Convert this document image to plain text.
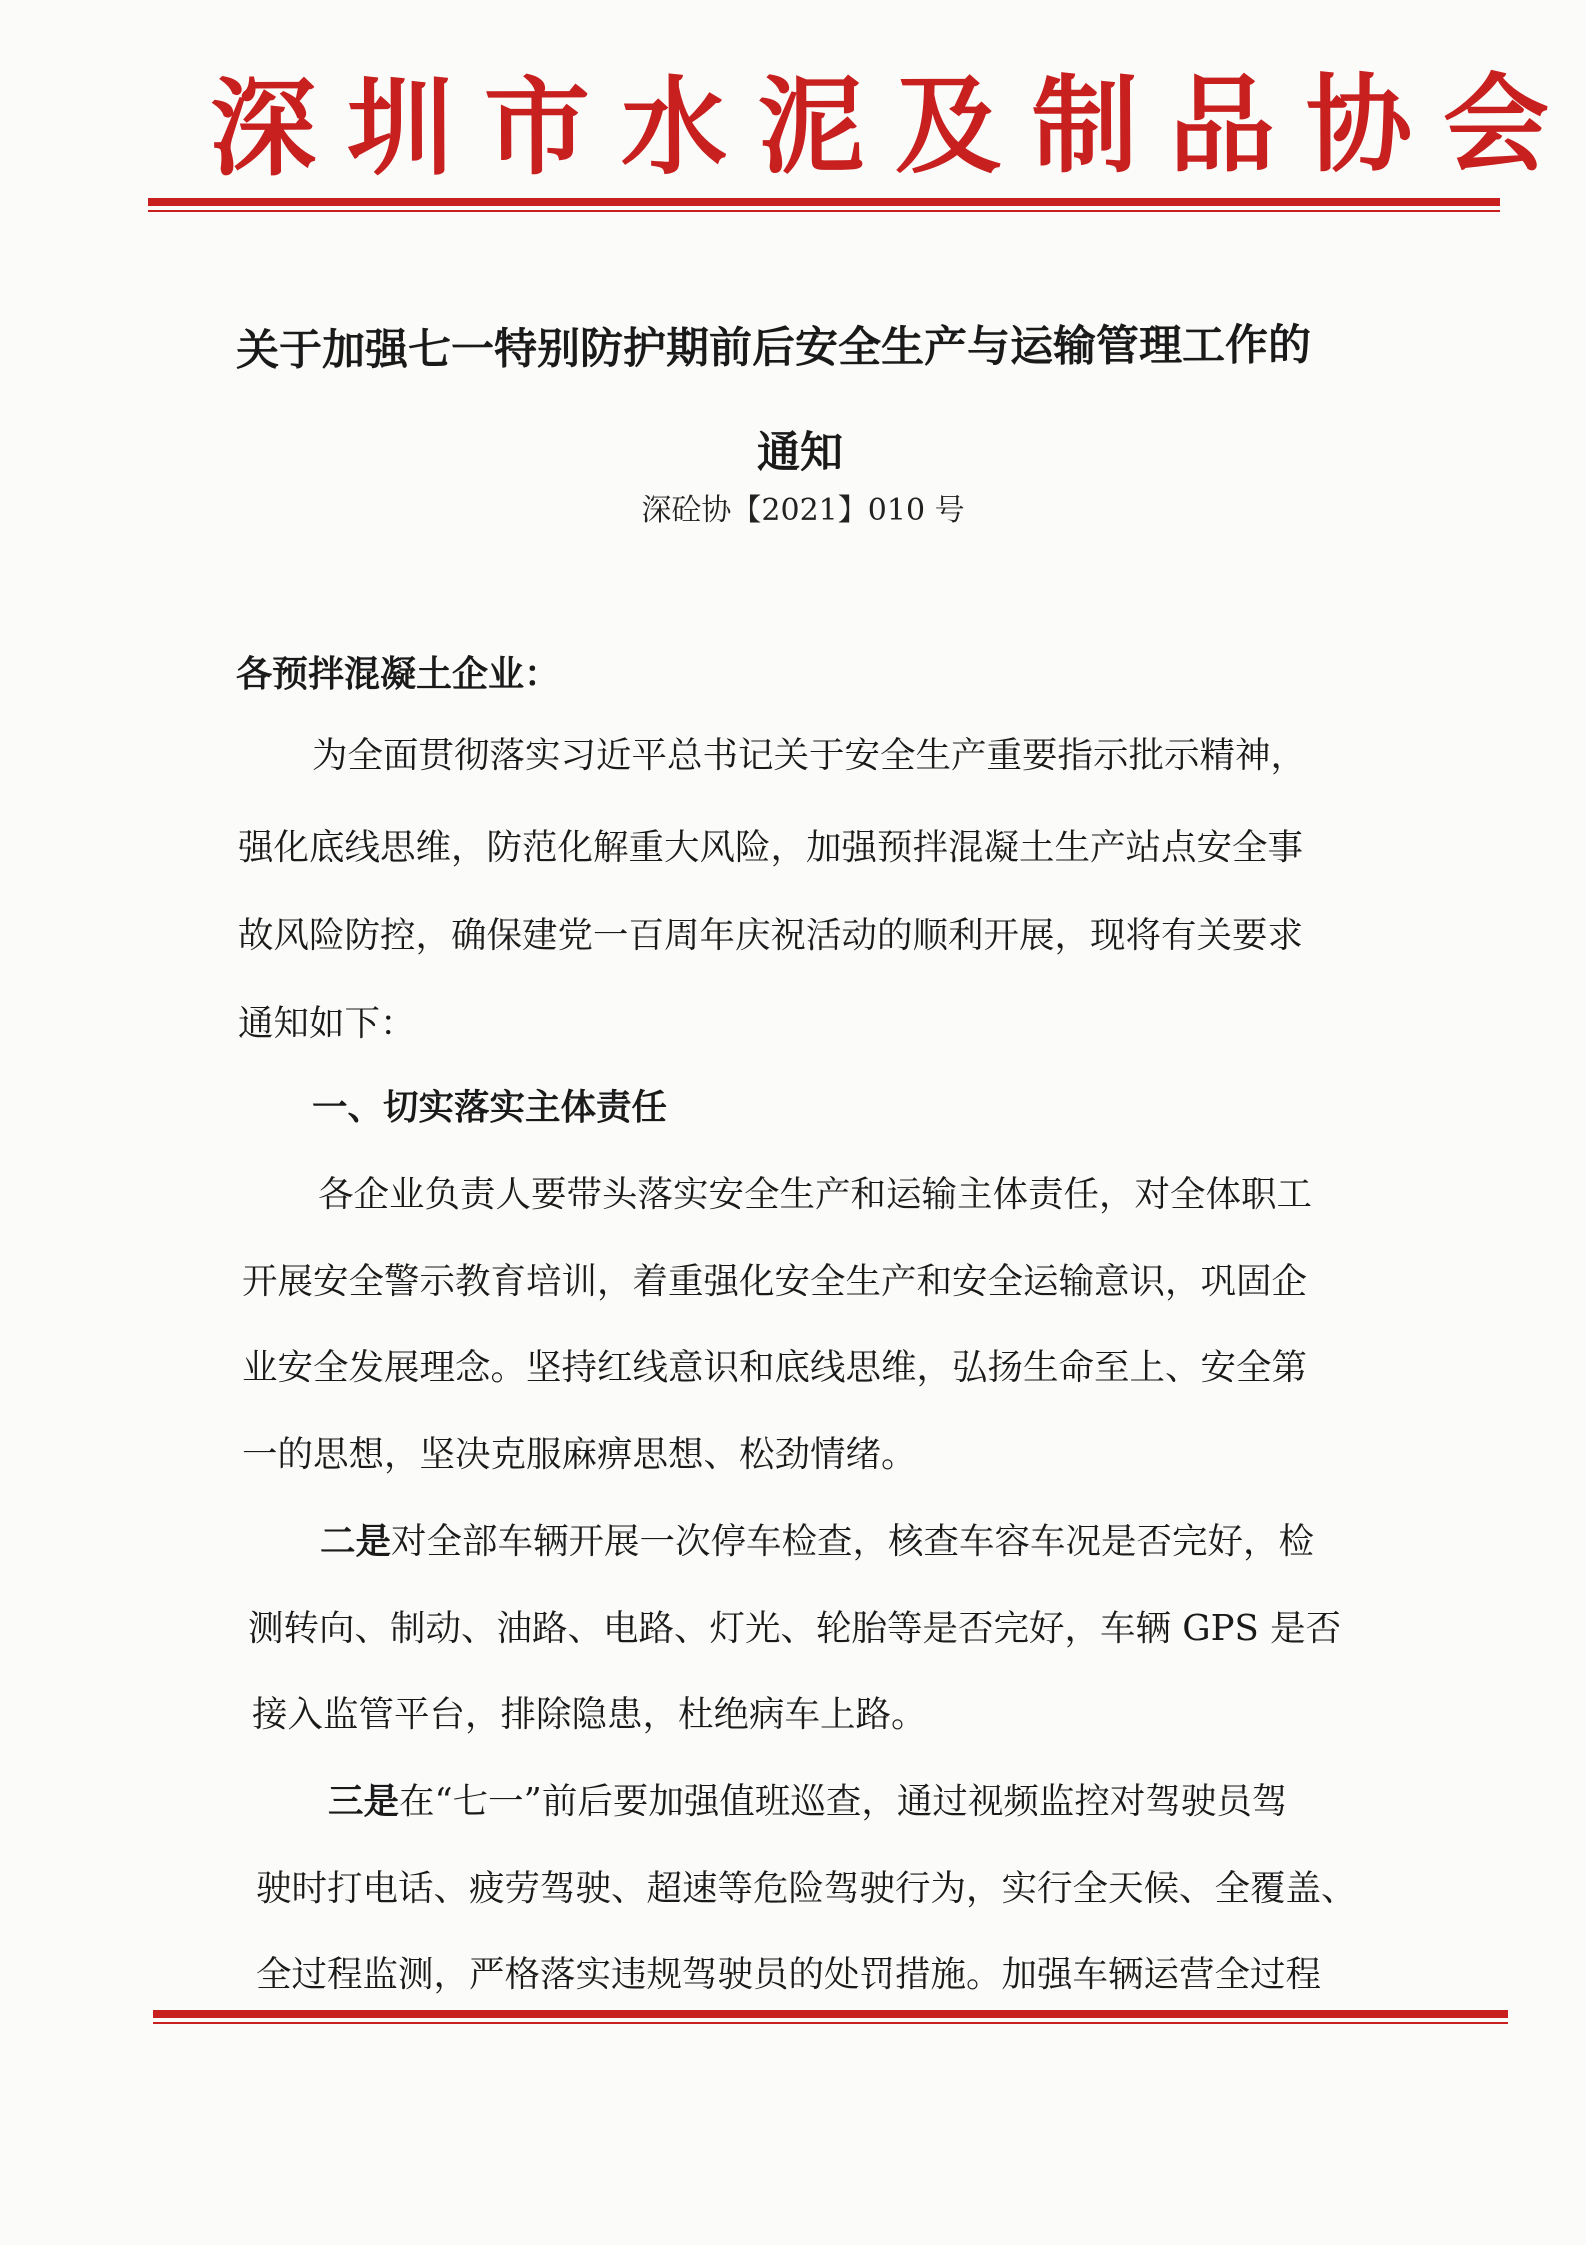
深圳市水泥及制品协会
关于加强七一特别防护期前后安全生产与运输管理工作的
通知
深砼协【2021】010 号
各预拌混凝土企业：
为全面贯彻落实习近平总书记关于安全生产重要指示批示精神，
强化底线思维，防范化解重大风险，加强预拌混凝土生产站点安全事
故风险防控，确保建党一百周年庆祝活动的顺利开展，现将有关要求
通知如下：
一、切实落实主体责任
各企业负责人要带头落实安全生产和运输主体责任，对全体职工
开展安全警示教育培训，着重强化安全生产和安全运输意识，巩固企
业安全发展理念。坚持红线意识和底线思维，弘扬生命至上、安全第
一的思想，坚决克服麻痹思想、松劲情绪。
二是对全部车辆开展一次停车检查，核查车容车况是否完好，检
测转向、制动、油路、电路、灯光、轮胎等是否完好，车辆 GPS 是否
接入监管平台，排除隐患，杜绝病车上路。
三是在“七一”前后要加强值班巡查，通过视频监控对驾驶员驾
驶时打电话、疲劳驾驶、超速等危险驾驶行为，实行全天候、全覆盖、
全过程监测，严格落实违规驾驶员的处罚措施。加强车辆运营全过程
